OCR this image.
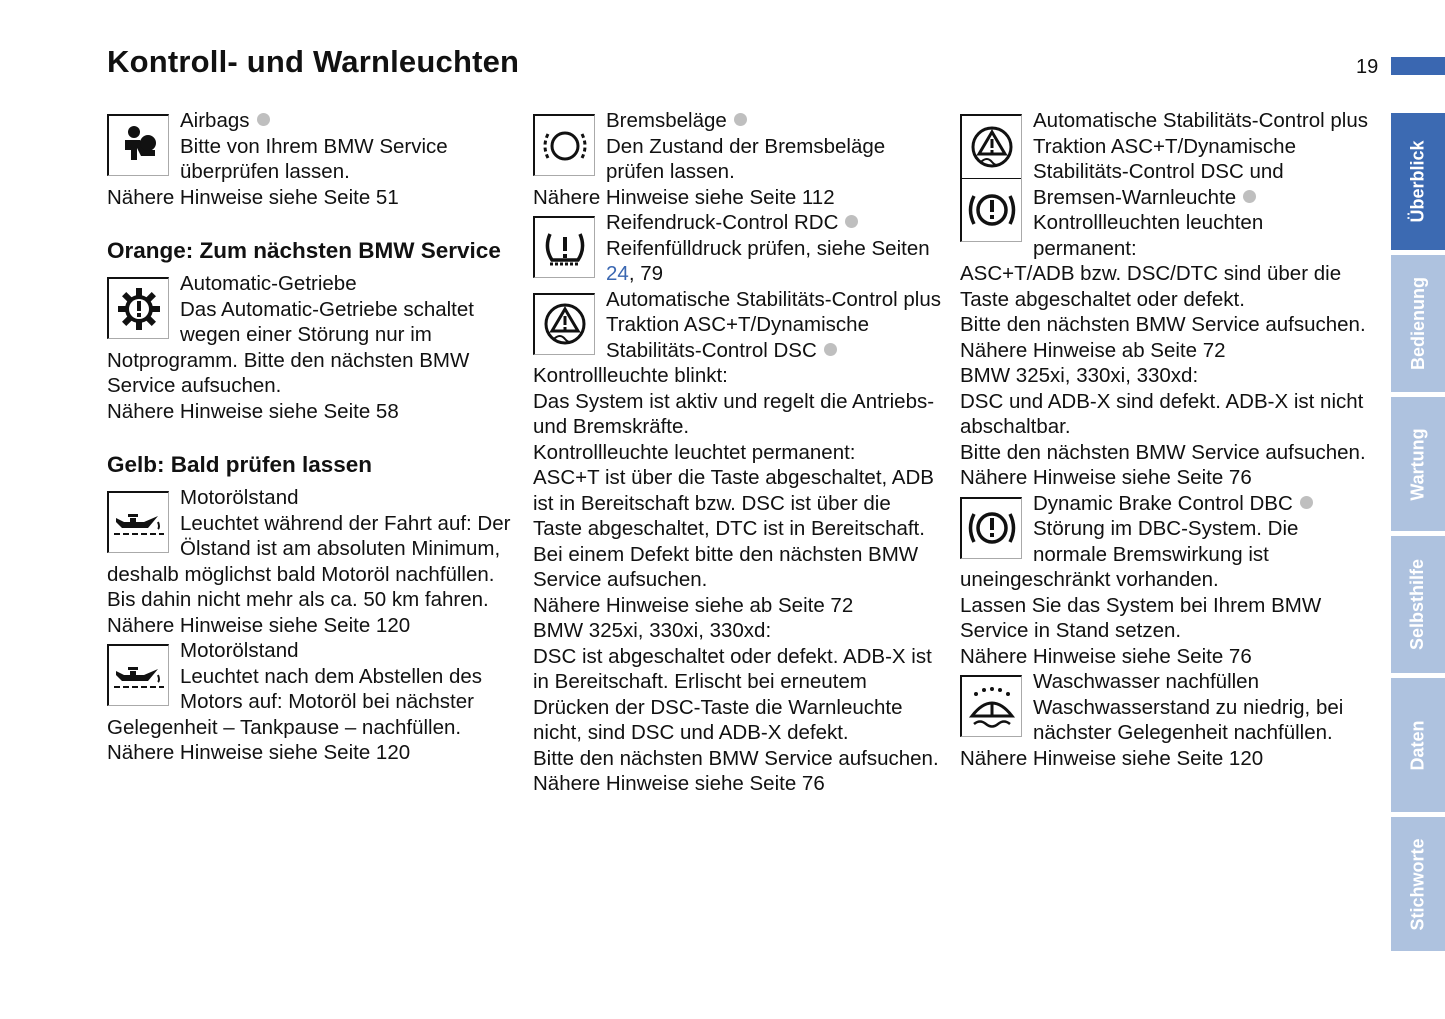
Kontroll- und Warnleuchten	19
Überblick
Bedienung
Wartung
Selbsthilfe
Daten
Stichworte

Airbags

Bitte von Ihrem BMW Service überprüfen lassen.

Nähere Hinweise siehe Seite 51

Orange: Zum nächsten BMW Service

Automatic-Getriebe

Das Automatic-Getriebe schaltet wegen einer Störung nur im Notprogramm. Bitte den nächsten BMW Service aufsuchen.

Nähere Hinweise siehe Seite 58

Gelb: Bald prüfen lassen

Motorölstand

Leuchtet während der Fahrt auf: Der Ölstand ist am absoluten Minimum, deshalb möglichst bald Motoröl nachfüllen. Bis dahin nicht mehr als ca. 50 km fahren.

Nähere Hinweise siehe Seite 120

Motorölstand

Leuchtet nach dem Abstellen des Motors auf: Motoröl bei nächster Gelegenheit – Tankpause – nachfüllen.

Nähere Hinweise siehe Seite 120

Bremsbeläge

Den Zustand der Bremsbeläge prüfen lassen.

Nähere Hinweise siehe Seite 112

Reifendruck-Control RDC

Reifenfülldruck prüfen, siehe Seiten 24, 79

Automatische Stabilitäts-Control plus Traktion ASC+T/Dynamische Stabilitäts-Control DSC

Kontrollleuchte blinkt:

Das System ist aktiv und regelt die Antriebs- und Bremskräfte.

Kontrollleuchte leuchtet permanent:

ASC+T ist über die Taste abgeschaltet, ADB ist in Bereitschaft bzw. DSC ist über die Taste abgeschaltet, DTC ist in Bereitschaft.

Bei einem Defekt bitte den nächsten BMW Service aufsuchen.

Nähere Hinweise siehe ab Seite 72

BMW 325xi, 330xi, 330xd:

DSC ist abgeschaltet oder defekt. ADB-X ist in Bereitschaft. Erlischt bei erneutem Drücken der DSC-Taste die Warnleuchte nicht, sind DSC und ADB-X defekt.

Bitte den nächsten BMW Service aufsuchen.

Nähere Hinweise siehe Seite 76

Automatische Stabilitäts-Control plus Traktion ASC+T/Dynamische Stabilitäts-Control DSC und Bremsen-Warnleuchte

Kontrollleuchten leuchten permanent:

ASC+T/ADB bzw. DSC/DTC sind über die Taste abgeschaltet oder defekt.

Bitte den nächsten BMW Service aufsuchen.

Nähere Hinweise ab Seite 72

BMW 325xi, 330xi, 330xd:

DSC und ADB-X sind defekt. ADB-X ist nicht abschaltbar.

Bitte den nächsten BMW Service aufsuchen.

Nähere Hinweise siehe Seite 76

Dynamic Brake Control DBC

Störung im DBC-System. Die normale Bremswirkung ist uneingeschränkt vorhanden.

Lassen Sie das System bei Ihrem BMW Service in Stand setzen.

Nähere Hinweise siehe Seite 76

Waschwasser nachfüllen

Waschwasserstand zu niedrig, bei nächster Gelegenheit nachfüllen.

Nähere Hinweise siehe Seite 120
